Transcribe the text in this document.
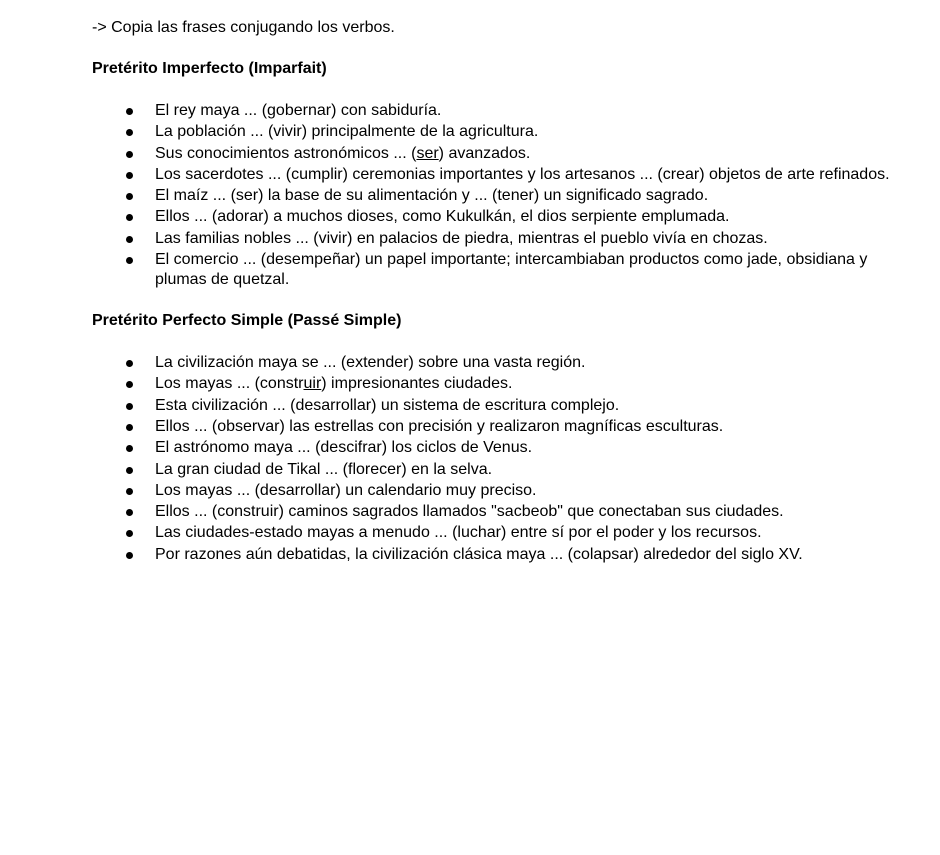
-> Copia las frases conjugando los verbos.

Pretérito Imperfecto (Imparfait)
El rey maya ... (gobernar) con sabiduría.
La población ... (vivir) principalmente de la agricultura.
Sus conocimientos astronómicos ... (ser) avanzados.
Los sacerdotes ... (cumplir) ceremonias importantes y los artesanos ... (crear) objetos de arte refinados.
El maíz ... (ser) la base de su alimentación y ... (tener) un significado sagrado.
Ellos ... (adorar) a muchos dioses, como Kukulkán, el dios serpiente emplumada.
Las familias nobles ... (vivir) en palacios de piedra, mientras el pueblo vivía en chozas.
El comercio ... (desempeñar) un papel importante; intercambiaban productos como jade, obsidiana y plumas de quetzal.
Pretérito Perfecto Simple (Passé Simple)
La civilización maya se ... (extender) sobre una vasta región.
Los mayas ... (construir) impresionantes ciudades.
Esta civilización ... (desarrollar) un sistema de escritura complejo.
Ellos ... (observar) las estrellas con precisión y realizaron magníficas esculturas.
El astrónomo maya ... (descifrar) los ciclos de Venus.
La gran ciudad de Tikal ... (florecer) en la selva.
Los mayas ... (desarrollar) un calendario muy preciso.
Ellos ... (construir) caminos sagrados llamados "sacbeob" que conectaban sus ciudades.
Las ciudades-estado mayas a menudo ... (luchar) entre sí por el poder y los recursos.
Por razones aún debatidas, la civilización clásica maya ... (colapsar) alrededor del siglo XV.
